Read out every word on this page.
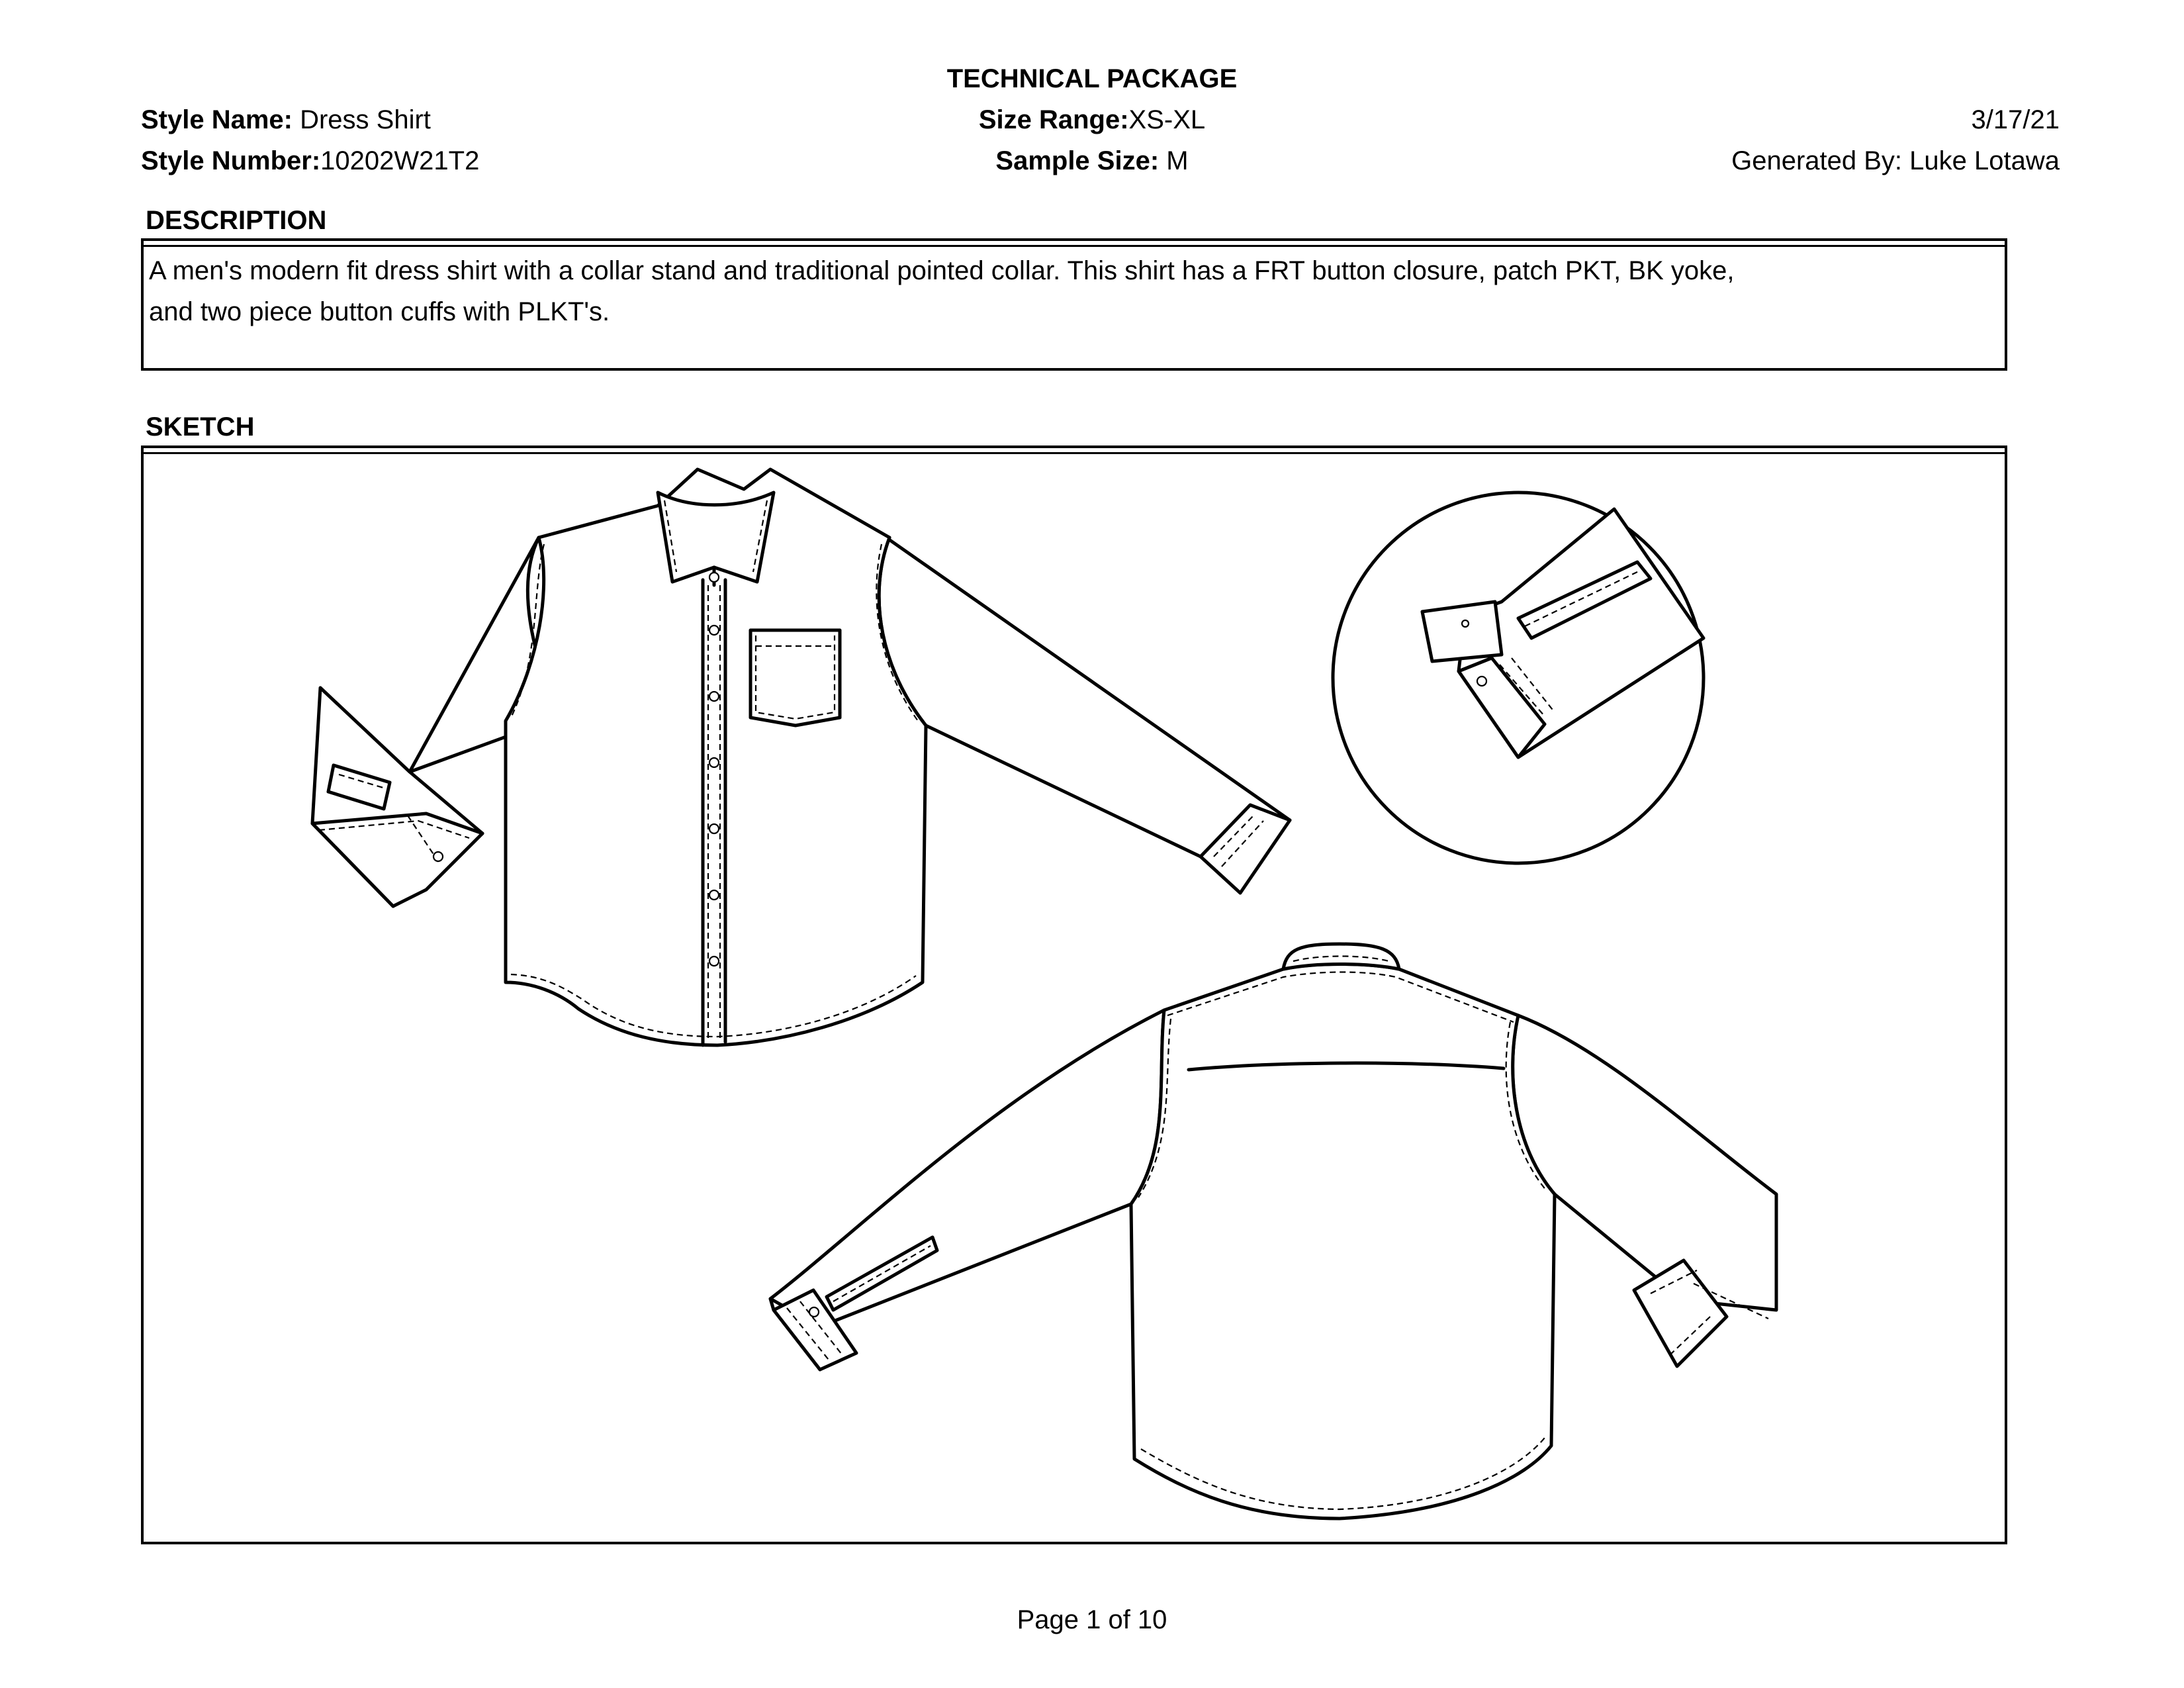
TECHNICAL PACKAGE
Style Name: Dress Shirt
Style Number:10202W21T2
Size Range:XS-XL
Sample Size: M
3/17/21
Generated By: Luke Lotawa
DESCRIPTION
A men's modern fit dress shirt with a collar stand and traditional pointed collar. This shirt has a FRT button closure, patch PKT, BK yoke,
and two piece button cuffs with PLKT's.
SKETCH
Page 1 of 10
